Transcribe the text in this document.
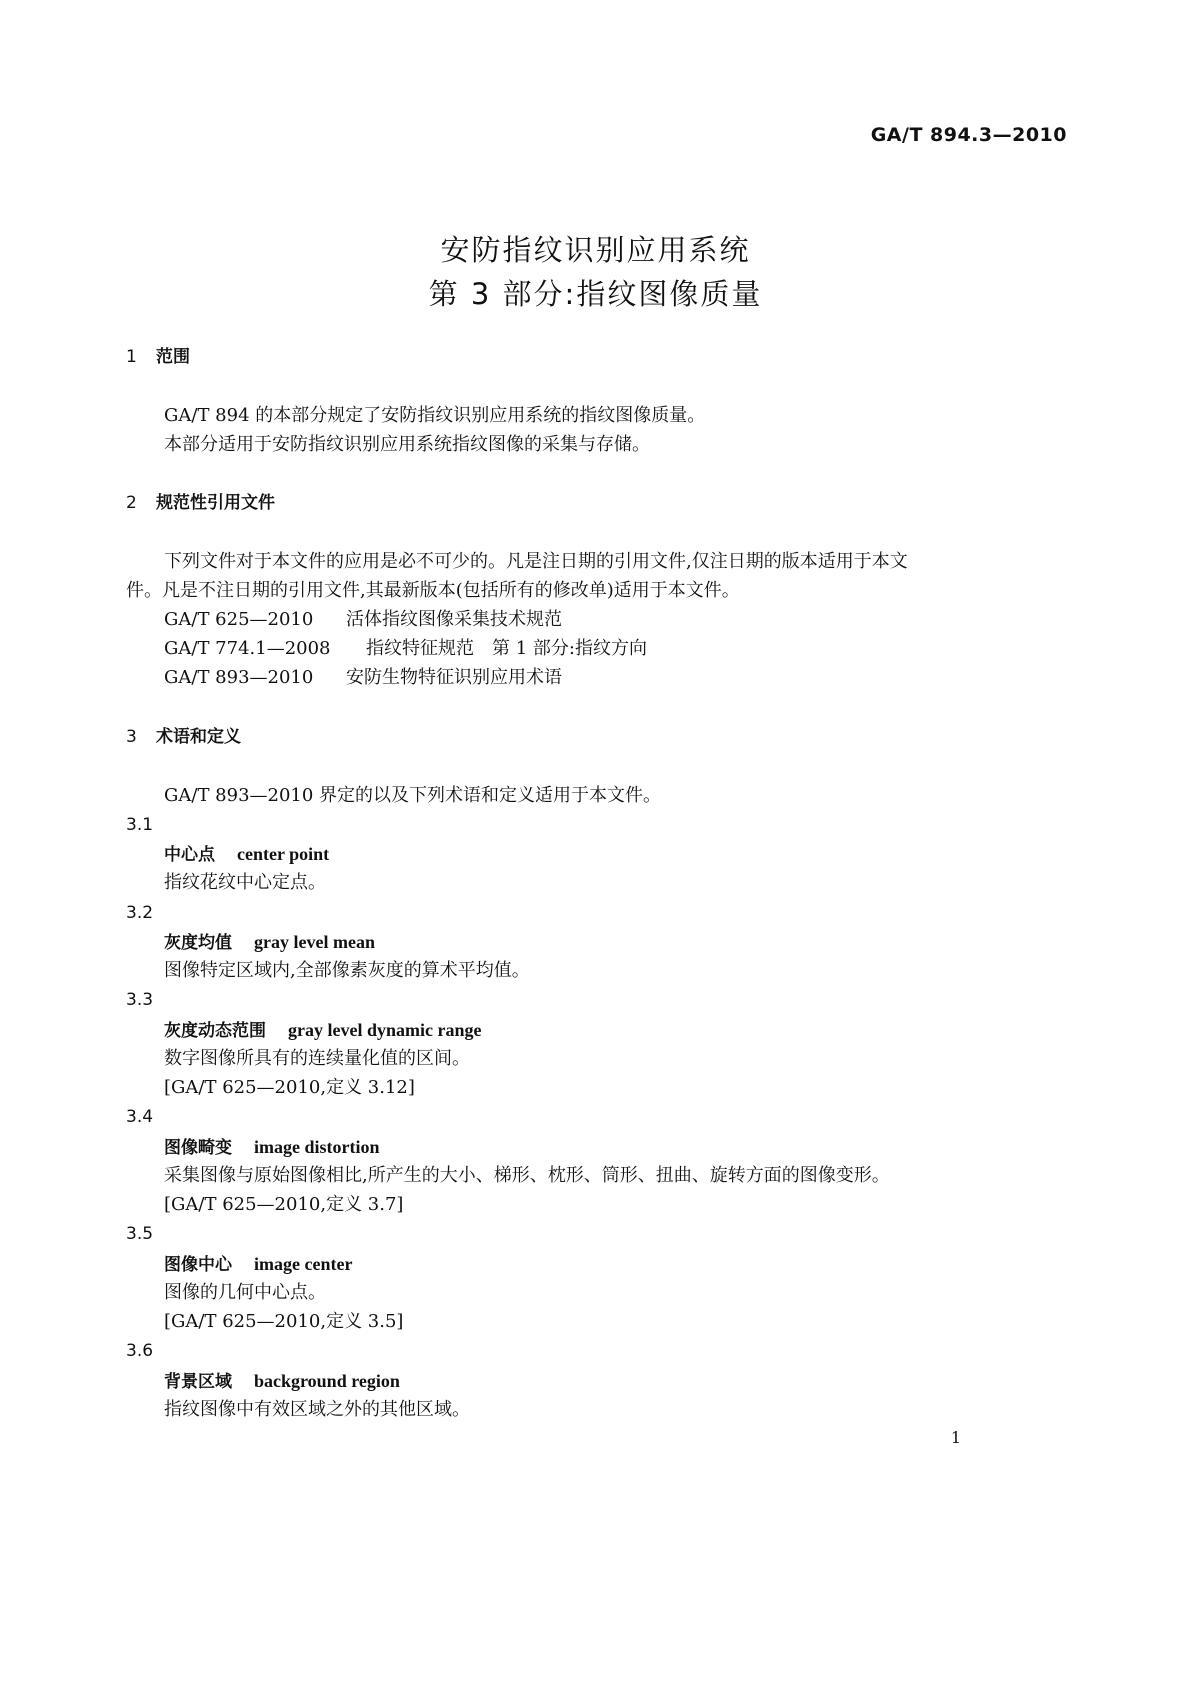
GA/T 894.3—2010
安防指纹识别应用系统
第 3 部分:指纹图像质量
1 范围
GA/T 894 的本部分规定了安防指纹识别应用系统的指纹图像质量。
本部分适用于安防指纹识别应用系统指纹图像的采集与存储。
2 规范性引用文件
下列文件对于本文件的应用是必不可少的。凡是注日期的引用文件,仅注日期的版本适用于本文
件。凡是不注日期的引用文件,其最新版本(包括所有的修改单)适用于本文件。
GA/T 625—2010 活体指纹图像采集技术规范
GA/T 774.1—2008 指纹特征规范 第 1 部分:指纹方向
GA/T 893—2010 安防生物特征识别应用术语
3 术语和定义
GA/T 893—2010 界定的以及下列术语和定义适用于本文件。
3.1
中心点 center point
指纹花纹中心定点。
3.2
灰度均值 gray level mean
图像特定区域内,全部像素灰度的算术平均值。
3.3
灰度动态范围 gray level dynamic range
数字图像所具有的连续量化值的区间。
[GA/T 625—2010,定义 3.12]
3.4
图像畸变 image distortion
采集图像与原始图像相比,所产生的大小、梯形、枕形、筒形、扭曲、旋转方面的图像变形。
[GA/T 625—2010,定义 3.7]
3.5
图像中心 image center
图像的几何中心点。
[GA/T 625—2010,定义 3.5]
3.6
背景区域 background region
指纹图像中有效区域之外的其他区域。
1
